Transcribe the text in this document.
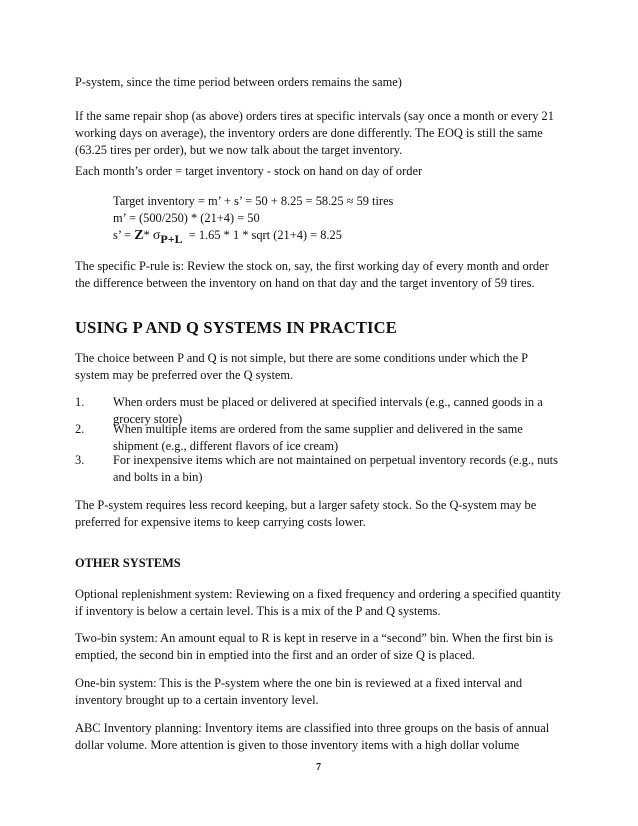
P-system, since the time period between orders remains the same)

If the same repair shop (as above) orders tires at specific intervals (say once a month or every 21
working days on average), the inventory orders are done differently. The EOQ is still the same
(63.25 tires per order), but we now talk about the target inventory.

Each month’s order = target inventory - stock on hand on day of order

Target inventory = m’ + s’ = 50 + 8.25 = 58.25 ≈ 59 tires
m’ = (500/250) * (21+4) = 50
s’ = Z* σP+L = 1.65 * 1 * sqrt (21+4) = 8.25

The specific P-rule is: Review the stock on, say, the first working day of every month and order
the difference between the inventory on hand on that day and the target inventory of 59 tires.

USING P AND Q SYSTEMS IN PRACTICE

The choice between P and Q is not simple, but there are some conditions under which the P
system may be preferred over the Q system.

1. When orders must be placed or delivered at specified intervals (e.g., canned goods in a
grocery store)
2. When multiple items are ordered from the same supplier and delivered in the same
shipment (e.g., different flavors of ice cream)
3. For inexpensive items which are not maintained on perpetual inventory records (e.g., nuts
and bolts in a bin)

The P-system requires less record keeping, but a larger safety stock. So the Q-system may be
preferred for expensive items to keep carrying costs lower.

OTHER SYSTEMS

Optional replenishment system: Reviewing on a fixed frequency and ordering a specified quantity
if inventory is below a certain level. This is a mix of the P and Q systems.

Two-bin system: An amount equal to R is kept in reserve in a “second” bin. When the first bin is
emptied, the second bin in emptied into the first and an order of size Q is placed.

One-bin system: This is the P-system where the one bin is reviewed at a fixed interval and
inventory brought up to a certain inventory level.

ABC Inventory planning: Inventory items are classified into three groups on the basis of annual
dollar volume. More attention is given to those inventory items with a high dollar volume

7
